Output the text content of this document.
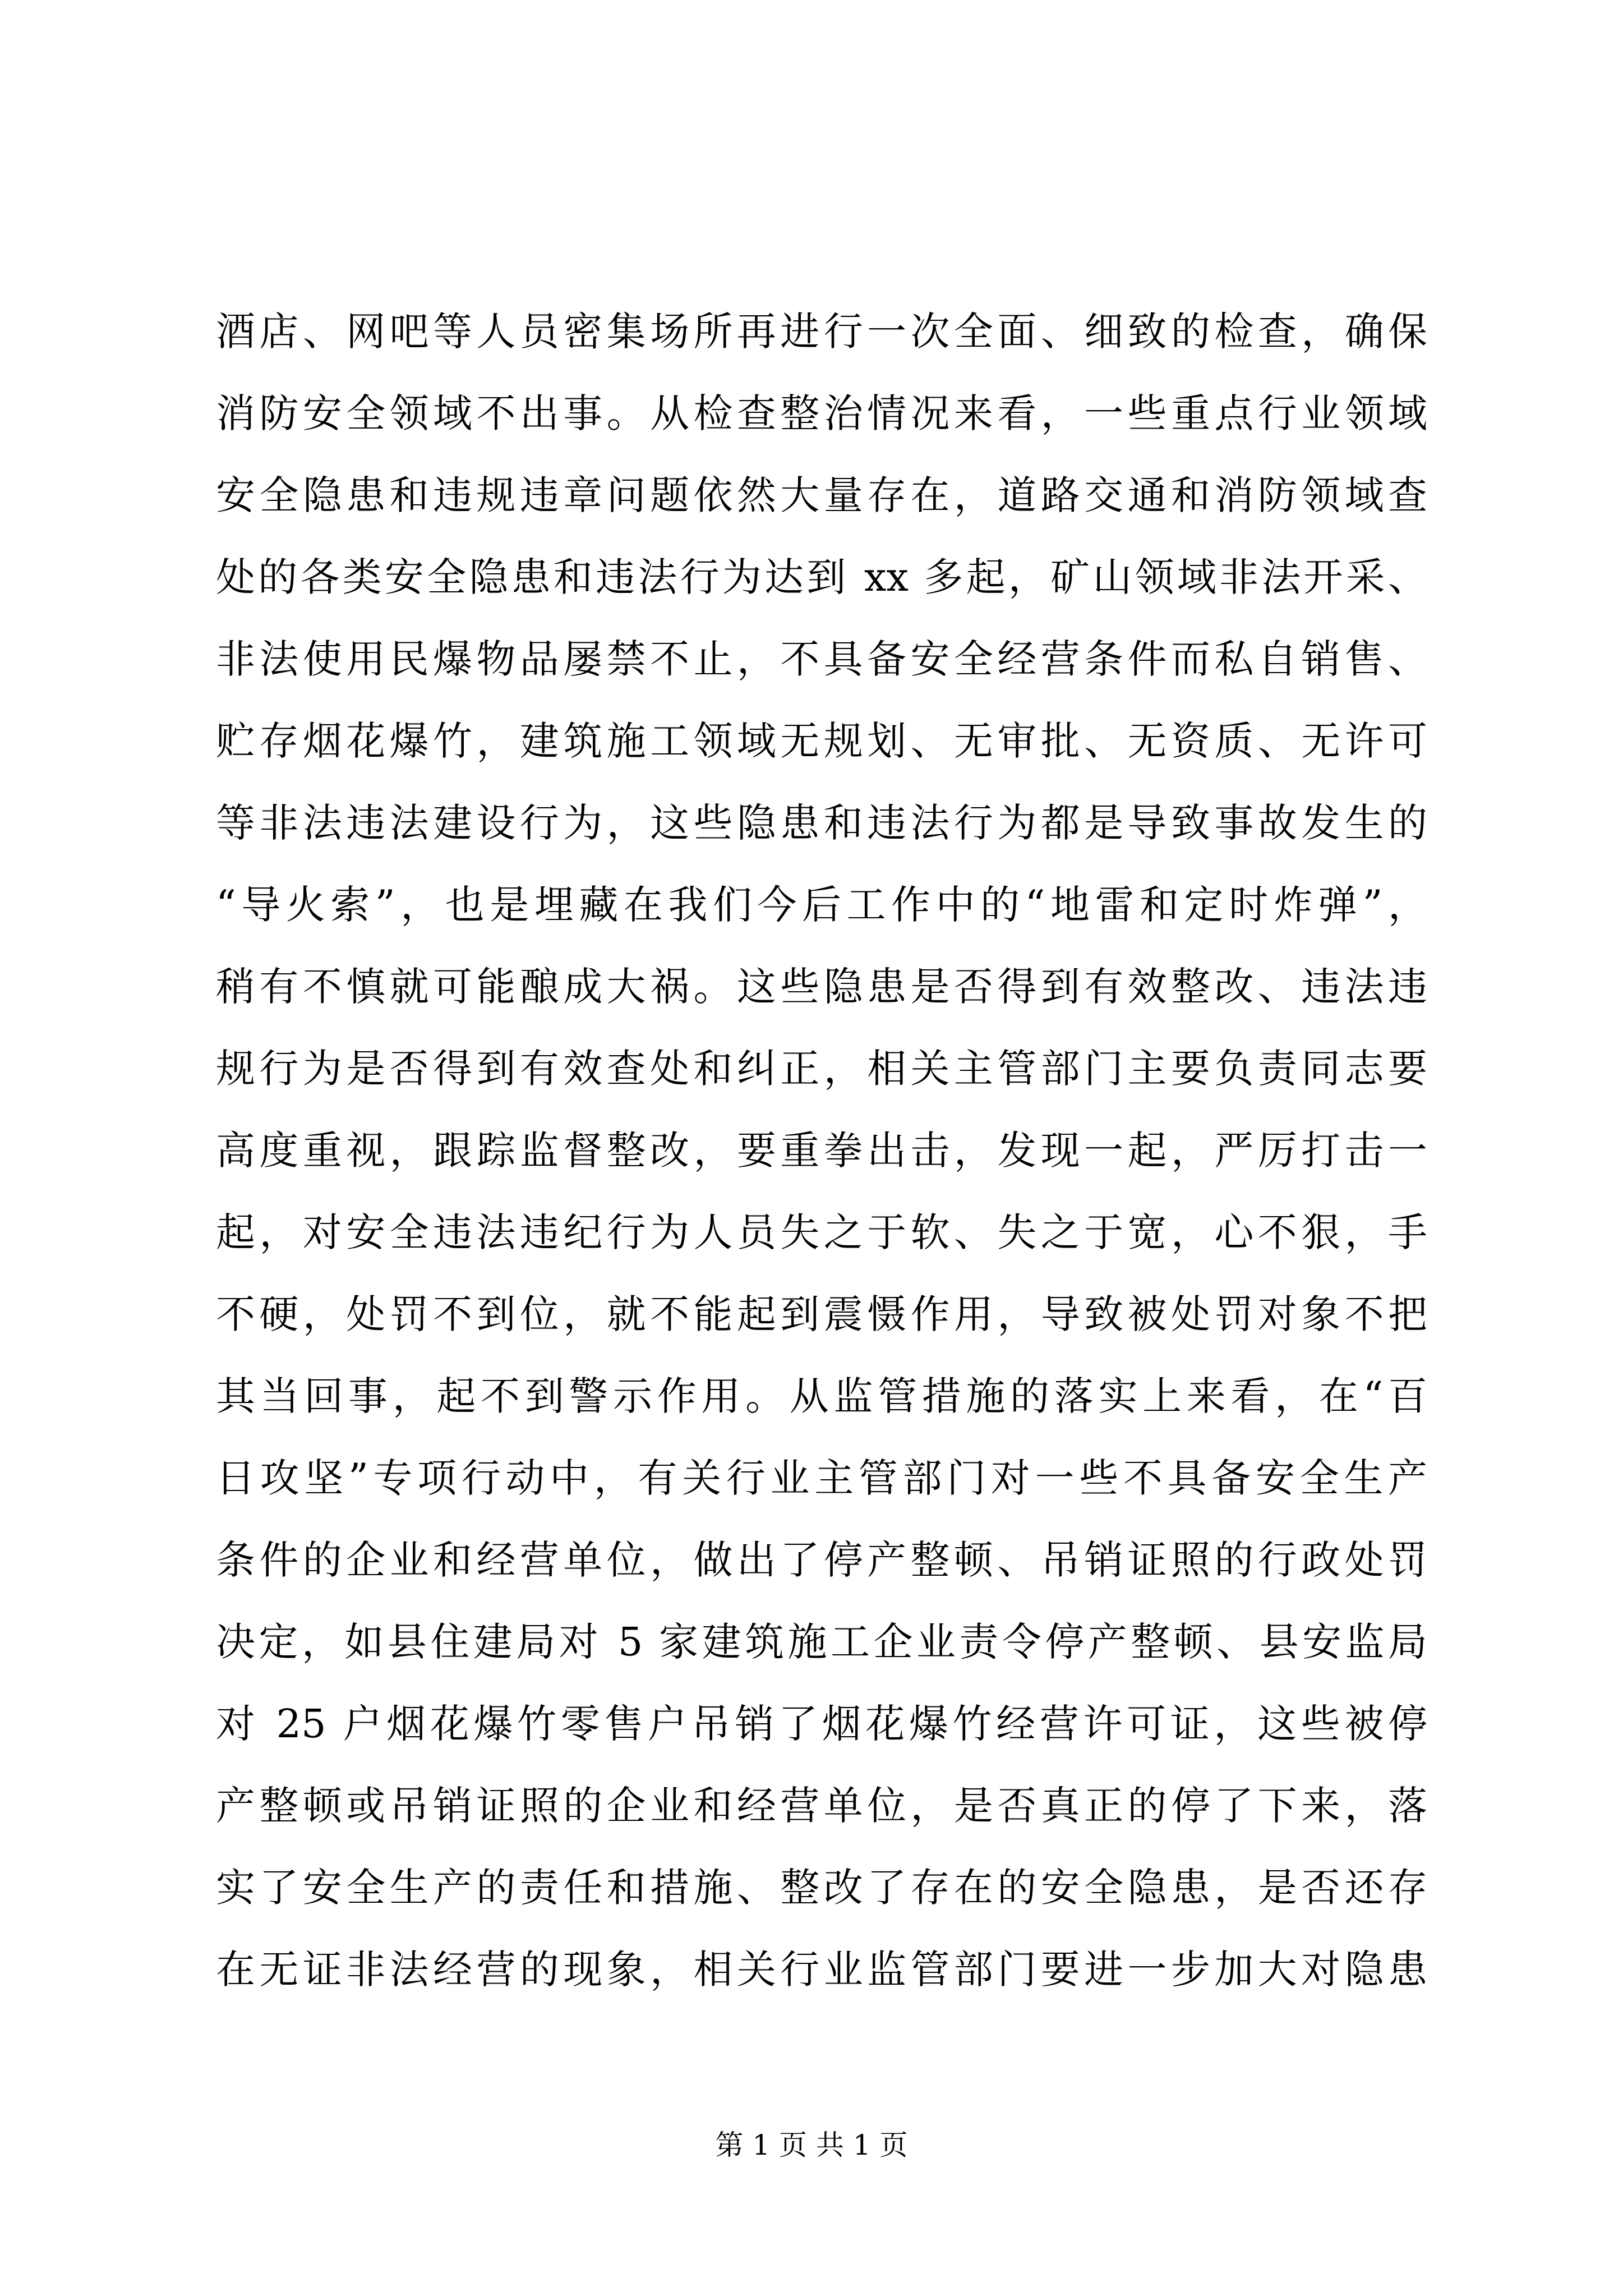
酒店、网吧等人员密集场所再进行一次全面、细致的检查，确保
消防安全领域不出事。从检查整治情况来看，一些重点行业领域
安全隐患和违规违章问题依然大量存在，道路交通和消防领域查
处的各类安全隐患和违法行为达到 xx 多起，矿山领域非法开采、
非法使用民爆物品屡禁不止，不具备安全经营条件而私自销售、
贮存烟花爆竹，建筑施工领域无规划、无审批、无资质、无许可
等非法违法建设行为，这些隐患和违法行为都是导致事故发生的
“导火索”，也是埋藏在我们今后工作中的“地雷和定时炸弹”，
稍有不慎就可能酿成大祸。这些隐患是否得到有效整改、违法违
规行为是否得到有效查处和纠正，相关主管部门主要负责同志要
高度重视，跟踪监督整改，要重拳出击，发现一起，严厉打击一
起，对安全违法违纪行为人员失之于软、失之于宽，心不狠，手
不硬，处罚不到位，就不能起到震慑作用，导致被处罚对象不把
其当回事，起不到警示作用。从监管措施的落实上来看，在“百
日攻坚”专项行动中，有关行业主管部门对一些不具备安全生产
条件的企业和经营单位，做出了停产整顿、吊销证照的行政处罚
决定，如县住建局对 5 家建筑施工企业责令停产整顿、县安监局
对 25 户烟花爆竹零售户吊销了烟花爆竹经营许可证，这些被停
产整顿或吊销证照的企业和经营单位，是否真正的停了下来，落
实了安全生产的责任和措施、整改了存在的安全隐患，是否还存
在无证非法经营的现象，相关行业监管部门要进一步加大对隐患
第 1 页 共 1 页
